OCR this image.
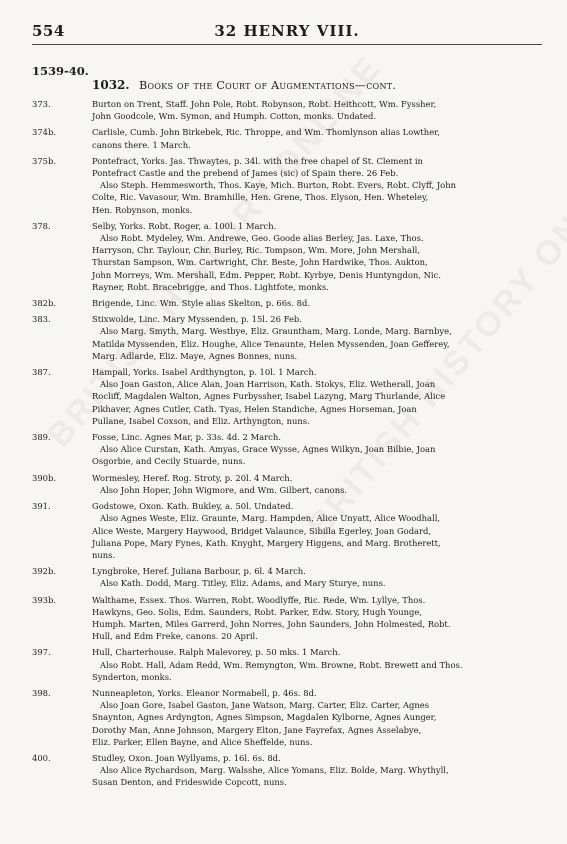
554	32 HENRY VIII.
1539-40.
1032. Books of the Court of Augmentations—cont.
373.	Burton on Trent, Staff. John Pole, Robt. Robynson, Robt. Heithcott, Wm. Fyssher,
John Goodcole, Wm. Symon, and Humph. Cotton, monks. Undated.
374b.	Carlisle, Cumb. John Birkebek, Ric. Throppe, and Wm. Thomlynson alias Lowther,
canons there. 1 March.
375b.	Pontefract, Yorks. Jas. Thwaytes, p. 34l. with the free chapel of St. Clement in
Pontefract Castle and the prebend of James (sic) of Spain there. 26 Feb.
Also Steph. Hemmesworth, Thos. Kaye, Mich. Burton, Robt. Evers, Robt. Clyff, John
Colte, Ric. Vavasour, Wm. Bramhille, Hen. Grene, Thos. Elyson, Hen. Wheteley,
Hen. Robynson, monks.
378.	Selby, Yorks. Robt. Roger, a. 100l. 1 March.
Also Robt. Mydeley, Wm. Andrewe, Geo. Goode alias Berley, Jas. Laxe, Thos.
Harryson, Chr. Taylour, Chr. Burley, Ric. Tompson, Wm. More, John Mershall,
Thurstan Sampson, Wm. Cartwright, Chr. Beste, John Hardwike, Thos. Aukton,
John Morreys, Wm. Mershall, Edm. Pepper, Robt. Kyrbye, Denis Huntyngdon, Nic.
Rayner, Robt. Bracebrigge, and Thos. Lightfote, monks.
382b.	Brigende, Linc. Wm. Style alias Skelton, p. 66s. 8d.
383.	Stixwolde, Linc. Mary Myssenden, p. 15l. 26 Feb.
Also Marg. Smyth, Marg. Westbye, Eliz. Grauntham, Marg. Londe, Marg. Barnbye,
Matilda Myssenden, Eliz. Houghe, Alice Tenaunte, Helen Myssenden, Joan Gefferey,
Marg. Adlarde, Eliz. Maye, Agnes Bonnes, nuns.
387.	Hampall, Yorks. Isabel Ardthyngton, p. 10l. 1 March.
Also Joan Gaston, Alice Alan, Joan Harrison, Kath. Stokys, Eliz. Wetherall, Joan
Rocliff, Magdalen Walton, Agnes Furbyssher, Isabel Lazyng, Marg Thurlande, Alice
Pikhaver, Agnes Cutler, Cath. Tyas, Helen Standiche, Agnes Horseman, Joan
Pullane, Isabel Coxson, and Eliz. Arthyngton, nuns.
389.	Fosse, Linc. Agnes Mar, p. 33s. 4d. 2 March.
Also Alice Curstan, Kath. Amyas, Grace Wysse, Agnes Wilkyn, Joan Bilbie, Joan
Osgorbie, and Cecily Stuarde, nuns.
390b.	Wormesley, Heref. Rog. Stroty, p. 20l. 4 March.
Also John Hoper, John Wigmore, and Wm. Gilbert, canons.
391.	Godstowe, Oxon. Kath. Bukley, a. 50l. Undated.
Also Agnes Weste, Eliz. Graunte, Marg. Hampden, Alice Unyatt, Alice Woodhall,
Alice Weste, Margery Haywood, Bridget Valaunce, Sibilla Egerley, Joan Godard,
Juliana Pope, Mary Fynes, Kath. Knyght, Margery Higgens, and Marg. Brotherett,
nuns.
392b.	Lyngbroke, Heref. Juliana Barbour, p. 6l. 4 March.
Also Kath. Dodd, Marg. Titley, Eliz. Adams, and Mary Sturye, nuns.
393b.	Walthame, Essex. Thos. Warren, Robt. Woodlyffe, Ric. Rede, Wm. Lyllye, Thos.
Hawkyns, Geo. Solis, Edm. Saunders, Robt. Parker, Edw. Story, Hugh Younge,
Humph. Marten, Miles Garrerd, John Norres, John Saunders, John Holmested, Robt.
Hull, and Edm Freke, canons. 20 April.
397.	Hull, Charterhouse. Ralph Malevorey, p. 50 mks. 1 March.
Also Robt. Hall, Adam Redd, Wm. Remyngton, Wm. Browne, Robt. Brewett and Thos.
Synderton, monks.
398.	Nunneapleton, Yorks. Eleanor Normabell, p. 46s. 8d.
Also Joan Gore, Isabel Gaston, Jane Watson, Marg. Carter, Eliz. Carter, Agnes
Snaynton, Agnes Ardyngton, Agnes Simpson, Magdalen Kylborne, Agnes Aunger,
Dorothy Man, Anne Johnson, Margery Elton, Jane Fayrefax, Agnes Asselabye,
Eliz. Parker, Ellen Bayne, and Alice Sheffelde, nuns.
400.	Studley, Oxon. Joan Wyllyams, p. 16l. 6s. 8d.
Also Alice Rychardson, Marg. Walsshe, Alice Yomans, Eliz. Bolde, Marg. Whythyll,
Susan Denton, and Frideswide Copcott, nuns.
